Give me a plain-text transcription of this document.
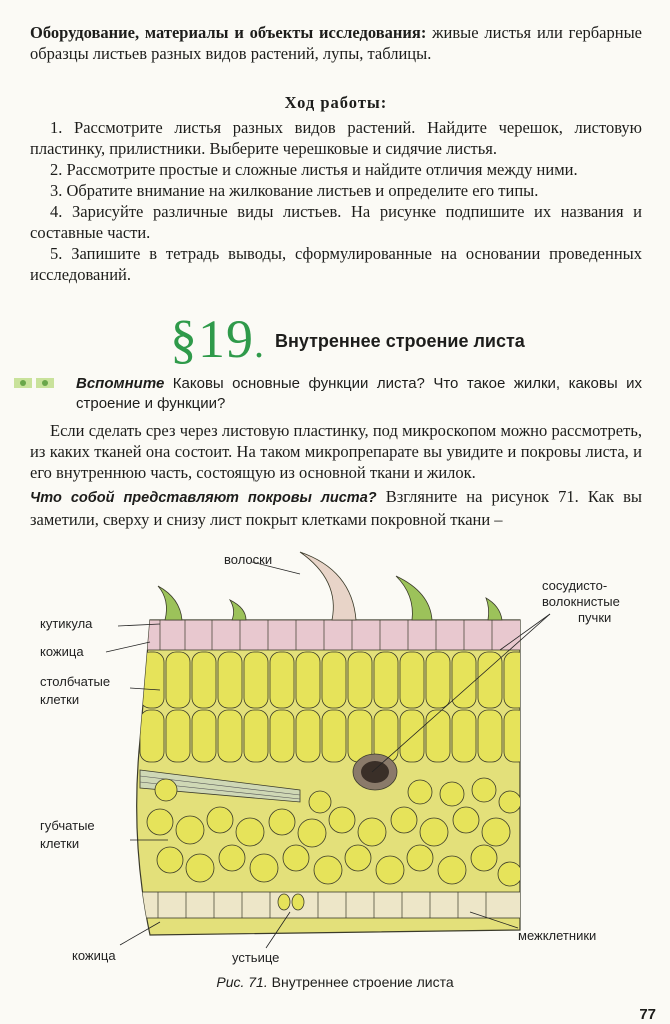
Оборудование, материалы и объекты исследования: живые листья или гербарные образцы листьев разных видов растений, лупы, таблицы.

Ход работы:

1. Рассмотрите листья разных видов растений. Найдите черешок, листовую пластинку, прилистники. Выберите черешковые и сидячие листья.

2. Рассмотрите простые и сложные листья и найдите отличия между ними.

3. Обратите внимание на жилкование листьев и определите его типы.

4. Зарисуйте различные виды листьев. На рисунке подпишите их названия и составные части.

5. Запишите в тетрадь выводы, сформулированные на основании проведенных исследований.

§19. Внутреннее строение листа

Вспомните Каковы основные функции листа? Что такое жилки, каковы их строение и функции?

Если сделать срез через листовую пластинку, под микроскопом можно рассмотреть, из каких тканей она состоит. На таком микропрепарате вы увидите и покровы листа, и его внутреннюю часть, состоящую из основной ткани и жилок.

Что собой представляют покровы листа? Взгляните на рисунок 71. Как вы заметили, сверху и снизу лист покрыт клетками покровной ткани –

волоски
сосудисто-
волокнистые
пучки
кутикула
кожица
столбчатые
клетки
губчатые
клетки
кожица	устьице
межклетники
Рис. 71. Внутреннее строение листа
77
